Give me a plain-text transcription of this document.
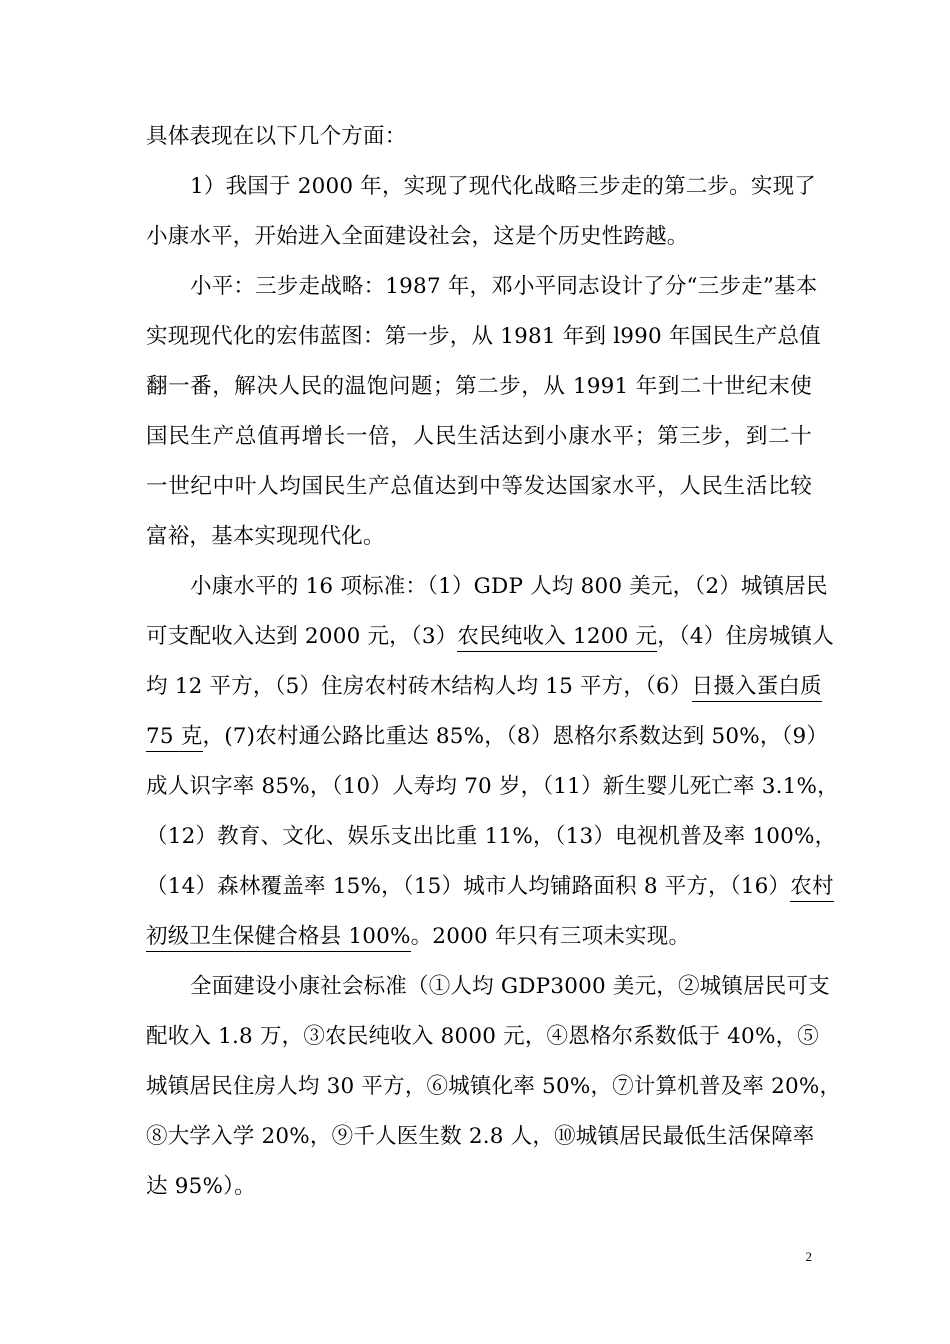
具体表现在以下几个方面：
1）我国于 2000 年，实现了现代化战略三步走的第二步。实现了
小康水平，开始进入全面建设社会，这是个历史性跨越。
小平：三步走战略：1987 年，邓小平同志设计了分“三步走”基本
实现现代化的宏伟蓝图：第一步，从 1981 年到 l990 年国民生产总值
翻一番，解决人民的温饱问题；第二步，从 1991 年到二十世纪末使
国民生产总值再增长一倍，人民生活达到小康水平；第三步，到二十
一世纪中叶人均国民生产总值达到中等发达国家水平，人民生活比较
富裕，基本实现现代化。
小康水平的 16 项标准：（1）GDP 人均 800 美元，（2）城镇居民
可支配收入达到 2000 元，（3）农民纯收入 1200 元，（4）住房城镇人
均 12 平方，（5）住房农村砖木结构人均 15 平方，（6）日摄入蛋白质
75 克，(7)农村通公路比重达 85%，（8）恩格尔系数达到 50%，（9）
成人识字率 85%，（10）人寿均 70 岁，（11）新生婴儿死亡率 3.1%，
（12）教育、文化、娱乐支出比重 11%，（13）电视机普及率 100%，
（14）森林覆盖率 15%，（15）城市人均铺路面积 8 平方，（16）农村
初级卫生保健合格县 100%。2000 年只有三项未实现。
全面建设小康社会标准（①人均 GDP3000 美元，②城镇居民可支
配收入 1.8 万，③农民纯收入 8000 元，④恩格尔系数低于 40%，⑤
城镇居民住房人均 30 平方，⑥城镇化率 50%，⑦计算机普及率 20%，
⑧大学入学 20%，⑨千人医生数 2.8 人，⑩城镇居民最低生活保障率
达 95%）。
2
